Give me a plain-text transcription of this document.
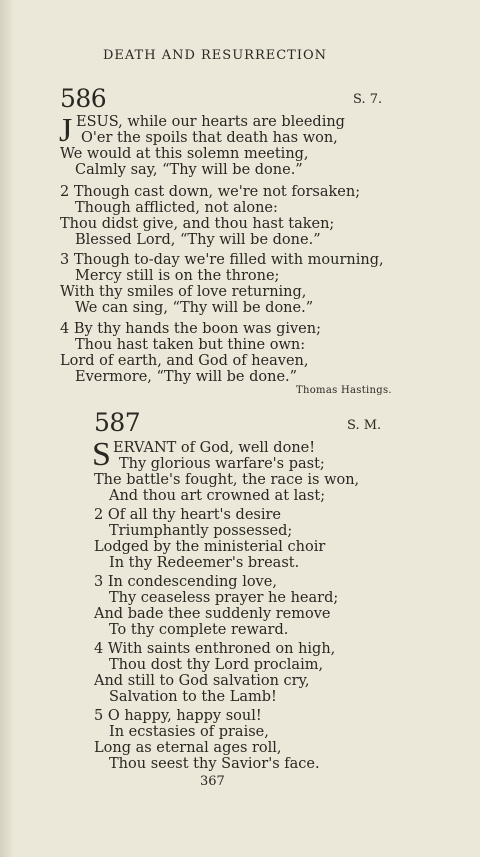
DEATH AND RESURRECTION
586	S. 7.
J ESUS, while our hearts are bleeding
O'er the spoils that death has won,
We would at this solemn meeting,
Calmly say, “Thy will be done.”
2 Though cast down, we're not forsaken;
Though afflicted, not alone:
Thou didst give, and thou hast taken;
Blessed Lord, “Thy will be done.”
3 Though to-day we're filled with mourning,
Mercy still is on the throne;
With thy smiles of love returning,
We can sing, “Thy will be done.”
4 By thy hands the boon was given;
Thou hast taken but thine own:
Lord of earth, and God of heaven,
Evermore, “Thy will be done.”
Thomas Hastings.
587	S. M.
S ERVANT of God, well done!
Thy glorious warfare's past;
The battle's fought, the race is won,
And thou art crowned at last;
2 Of all thy heart's desire
Triumphantly possessed;
Lodged by the ministerial choir
In thy Redeemer's breast.
3 In condescending love,
Thy ceaseless prayer he heard;
And bade thee suddenly remove
To thy complete reward.
4 With saints enthroned on high,
Thou dost thy Lord proclaim,
And still to God salvation cry,
Salvation to the Lamb!
5 O happy, happy soul!
In ecstasies of praise,
Long as eternal ages roll,
Thou seest thy Savior's face.
367
